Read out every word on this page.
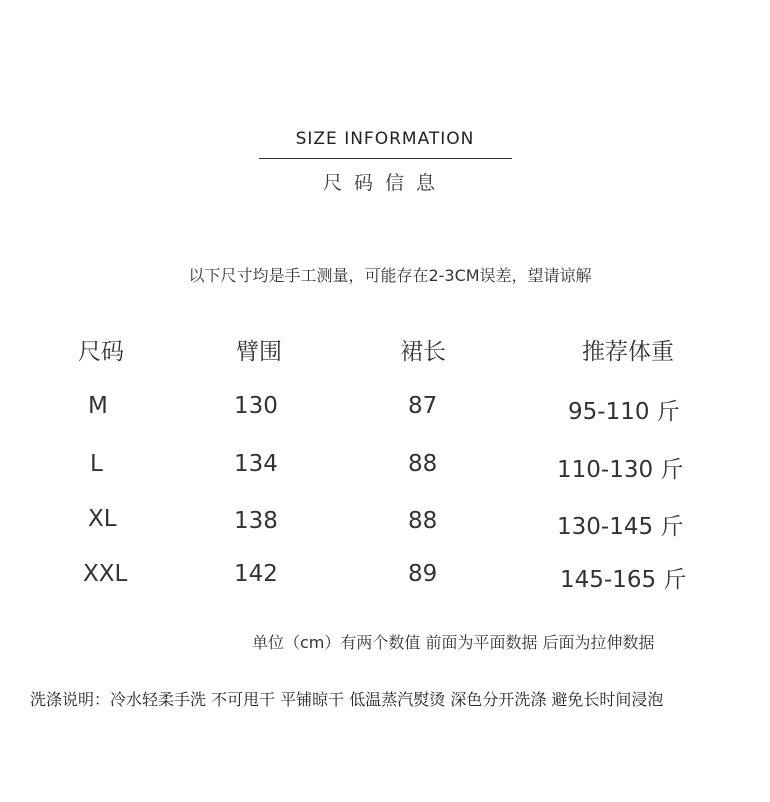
SIZE INFORMATION
尺码信息
以下尺寸均是手工测量，可能存在2-3CM误差，望请谅解
尺码	臂围	裙长	推荐体重
M	130	87	95-110 斤
L	134	88	110-130 斤
XL	138	88	130-145 斤
XXL	142	89	145-165 斤
单位（cm）有两个数值 前面为平面数据 后面为拉伸数据
洗涤说明：冷水轻柔手洗 不可甩干 平铺晾干 低温蒸汽熨烫 深色分开洗涤 避免长时间浸泡
